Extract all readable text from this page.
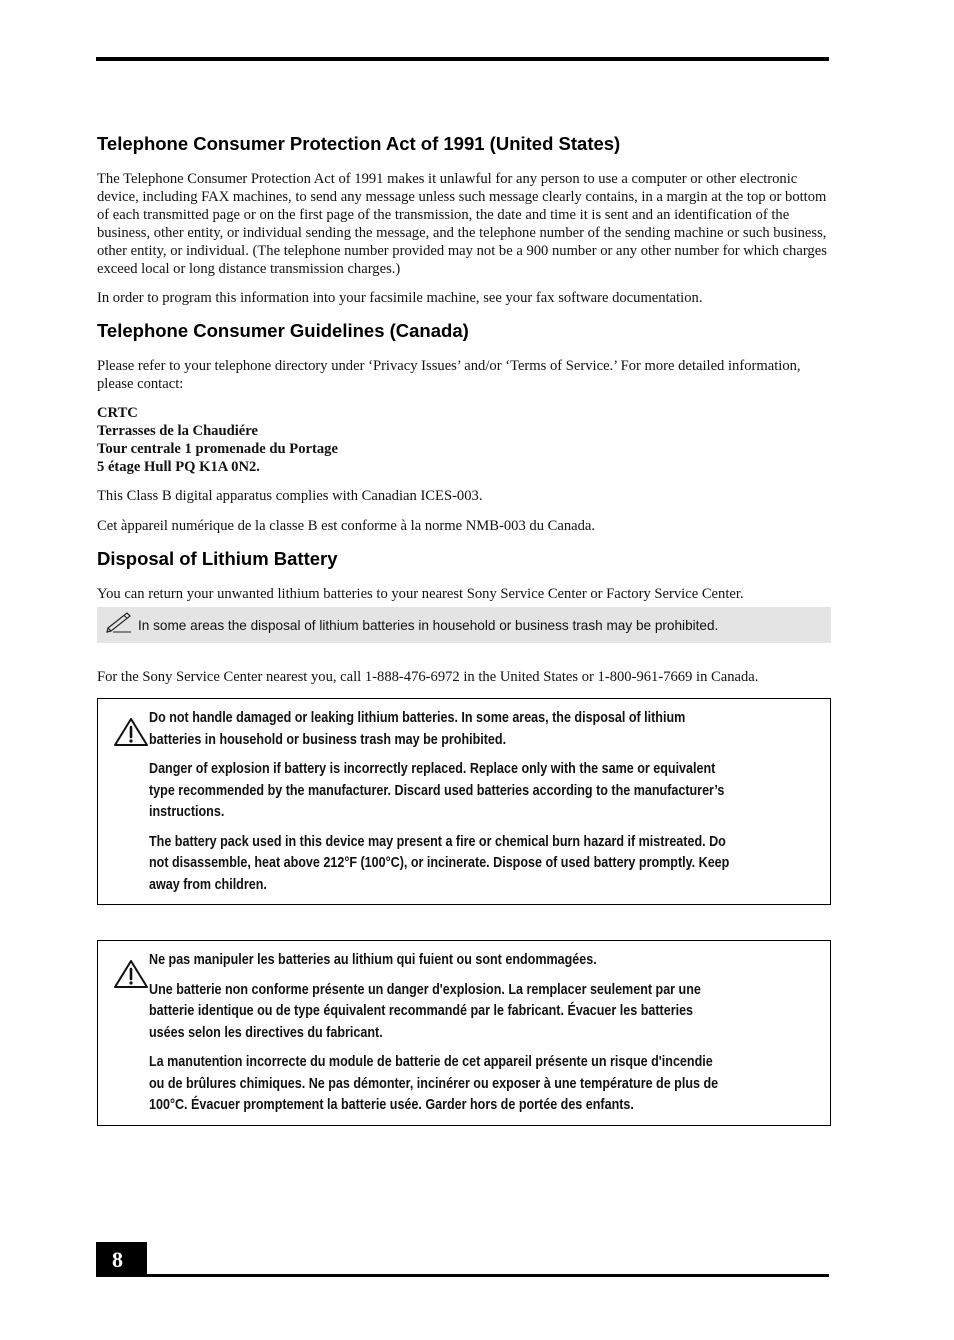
Telephone Consumer Protection Act of 1991 (United States)

The Telephone Consumer Protection Act of 1991 makes it unlawful for any person to use a computer or other electronic device, including FAX machines, to send any message unless such message clearly contains, in a margin at the top or bottom of each transmitted page or on the first page of the transmission, the date and time it is sent and an identification of the business, other entity, or individual sending the message, and the telephone number of the sending machine or such business, other entity, or individual. (The telephone number provided may not be a 900 number or any other number for which charges exceed local or long distance transmission charges.)

In order to program this information into your facsimile machine, see your fax software documentation.

Telephone Consumer Guidelines (Canada)

Please refer to your telephone directory under ‘Privacy Issues’ and/or ‘Terms of Service.’ For more detailed information, please contact:

CRTC
Terrasses de la Chaudiére
Tour centrale 1 promenade du Portage
5 étage Hull PQ K1A 0N2.

This Class B digital apparatus complies with Canadian ICES-003.

Cet àppareil numérique de la classe B est conforme à la norme NMB-003 du Canada.

Disposal of Lithium Battery

You can return your unwanted lithium batteries to your nearest Sony Service Center or Factory Service Center.

In some areas the disposal of lithium batteries in household or business trash may be prohibited.

For the Sony Service Center nearest you, call 1-888-476-6972 in the United States or 1-800-961-7669 in Canada.

Do not handle damaged or leaking lithium batteries. In some areas, the disposal of lithium batteries in household or business trash may be prohibited.

Danger of explosion if battery is incorrectly replaced. Replace only with the same or equivalent type recommended by the manufacturer. Discard used batteries according to the manufacturer’s instructions.

The battery pack used in this device may present a fire or chemical burn hazard if mistreated. Do not disassemble, heat above 212°F (100°C), or incinerate. Dispose of used battery promptly. Keep away from children.

Ne pas manipuler les batteries au lithium qui fuient ou sont endommagées.

Une batterie non conforme présente un danger d'explosion. La remplacer seulement par une batterie identique ou de type équivalent recommandé par le fabricant. Évacuer les batteries usées selon les directives du fabricant.

La manutention incorrecte du module de batterie de cet appareil présente un risque d'incendie ou de brûlures chimiques. Ne pas démonter, incinérer ou exposer à une température de plus de 100°C. Évacuer promptement la batterie usée. Garder hors de portée des enfants.

8
